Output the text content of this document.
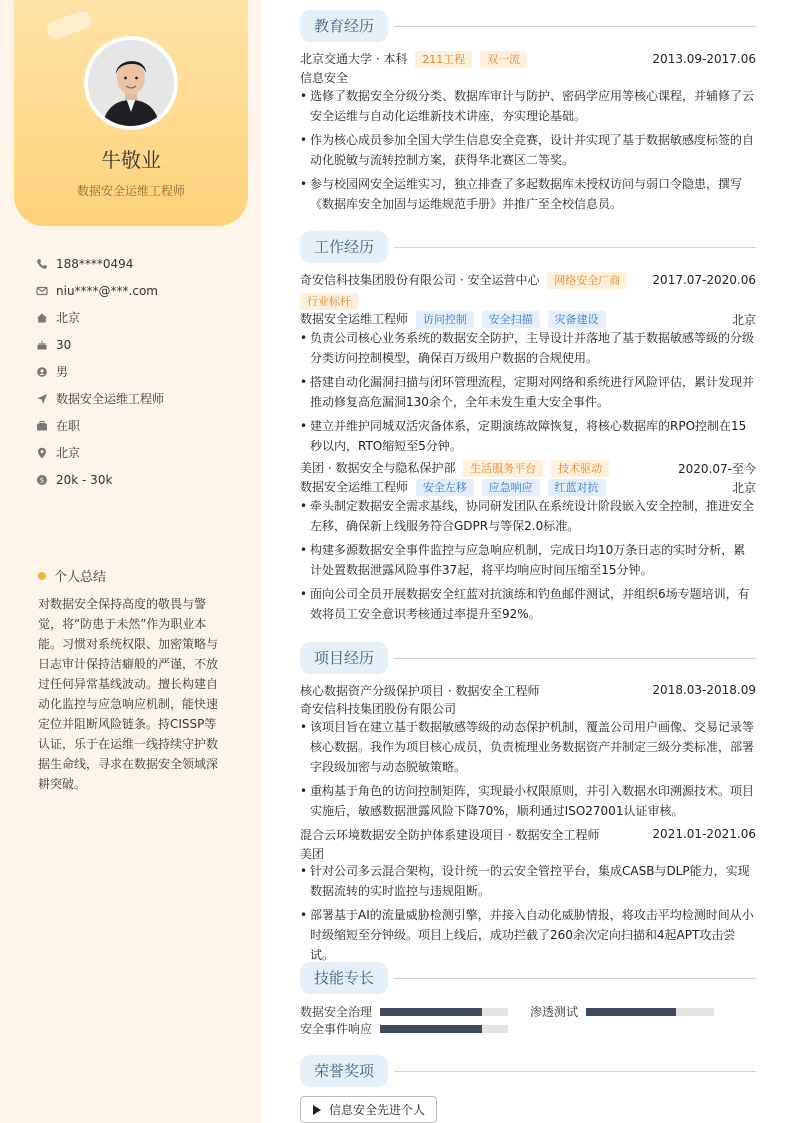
牛敬业
数据安全运维工程师
188****0494
niu****@***.com
北京
30
男
数据安全运维工程师
在职
北京
$ 20k - 30k
个人总结
对数据安全保持高度的敬畏与警觉，将“防患于未然”作为职业本能。习惯对系统权限、加密策略与日志审计保持洁癖般的严谨，不放过任何异常基线波动。擅长构建自动化监控与应急响应机制，能快速定位并阻断风险链条。持CISSP等认证，乐于在运维一线持续守护数据生命线，寻求在数据安全领域深耕突破。
教育经历
北京交通大学 · 本科 211工程 双一流	2013.09-2017.06
信息安全
• 选修了数据安全分级分类、数据库审计与防护、密码学应用等核心课程，并辅修了云安全运维与自动化运维新技术讲座，夯实理论基础。
• 作为核心成员参加全国大学生信息安全竞赛，设计并实现了基于数据敏感度标签的自动化脱敏与流转控制方案，获得华北赛区二等奖。
• 参与校园网安全运维实习，独立排查了多起数据库未授权访问与弱口令隐患，撰写《数据库安全加固与运维规范手册》并推广至全校信息员。
工作经历
奇安信科技集团股份有限公司 · 安全运营中心 网络安全厂商	2017.07-2020.06
行业标杆
数据安全运维工程师 访问控制 安全扫描 灾备建设	北京
• 负责公司核心业务系统的数据安全防护，主导设计并落地了基于数据敏感等级的分级分类访问控制模型，确保百万级用户数据的合规使用。
• 搭建自动化漏洞扫描与闭环管理流程，定期对网络和系统进行风险评估，累计发现并推动修复高危漏洞130余个，全年未发生重大安全事件。
• 建立并维护同城双活灾备体系，定期演练故障恢复，将核心数据库的RPO控制在15秒以内，RTO缩短至5分钟。
美团 · 数据安全与隐私保护部 生活服务平台 技术驱动	2020.07-至今
数据安全运维工程师 安全左移 应急响应 红蓝对抗	北京
• 牵头制定数据安全需求基线，协同研发团队在系统设计阶段嵌入安全控制，推进安全左移，确保新上线服务符合GDPR与等保2.0标准。
• 构建多源数据安全事件监控与应急响应机制，完成日均10万条日志的实时分析，累计处置数据泄露风险事件37起，将平均响应时间压缩至15分钟。
• 面向公司全员开展数据安全红蓝对抗演练和钓鱼邮件测试，并组织6场专题培训，有效将员工安全意识考核通过率提升至92%。
项目经历
核心数据资产分级保护项目 · 数据安全工程师	2018.03-2018.09
奇安信科技集团股份有限公司
• 该项目旨在建立基于数据敏感等级的动态保护机制，覆盖公司用户画像、交易记录等核心数据。我作为项目核心成员，负责梳理业务数据资产并制定三级分类标准，部署字段级加密与动态脱敏策略。
• 重构基于角色的访问控制矩阵，实现最小权限原则，并引入数据水印溯源技术。项目实施后，敏感数据泄露风险下降70%，顺利通过ISO27001认证审核。
混合云环境数据安全防护体系建设项目 · 数据安全工程师	2021.01-2021.06
美团
• 针对公司多云混合架构，设计统一的云安全管控平台，集成CASB与DLP能力，实现数据流转的实时监控与违规阻断。
• 部署基于AI的流量威胁检测引擎，并接入自动化威胁情报，将攻击平均检测时间从小时级缩短至分钟级。项目上线后，成功拦截了260余次定向扫描和4起APT攻击尝试。
技能专长
数据安全治理	渗透测试
安全事件响应
荣誉奖项
信息安全先进个人
